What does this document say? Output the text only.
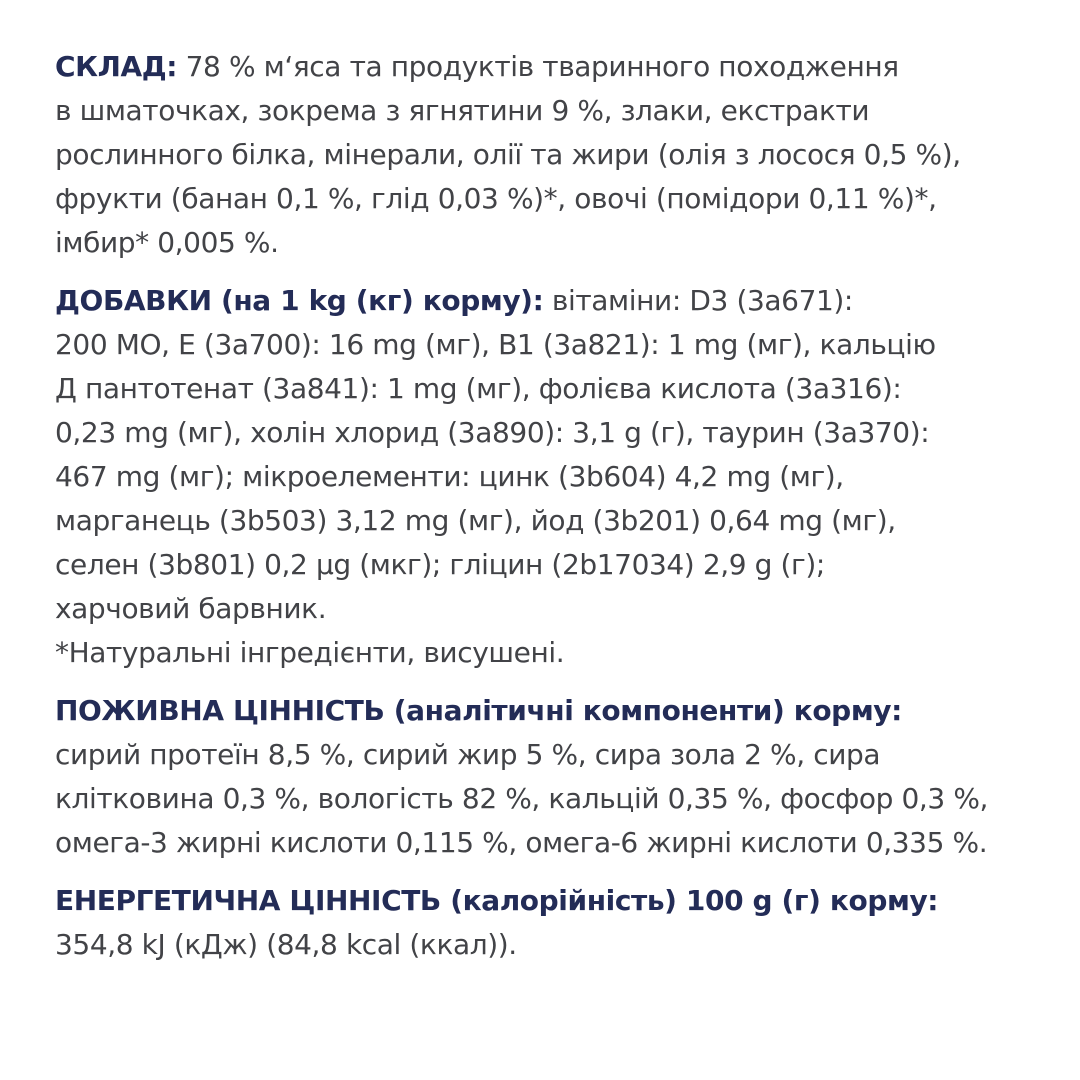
СКЛАД: 78 % м‘яса та продуктів тваринного походження
в шматочках, зокрема з ягнятини 9 %, злаки, екстракти
рослинного білка, мінерали, олії та жири (олія з лосося 0,5 %),
фрукти (банан 0,1 %, глід 0,03 %)*, овочі (помідори 0,11 %)*,
імбир* 0,005 %.
ДОБАВКИ (на 1 kg (кг) корму): вітаміни: D3 (3a671):
200 МО, Е (3a700): 16 mg (мг), B1 (3a821): 1 mg (мг), кальцію
Д пантотенат (3a841): 1 mg (мг), фолієва кислота (3a316):
0,23 mg (мг), холін хлорид (3a890): 3,1 g (г), таурин (3a370):
467 mg (мг); мікроелементи: цинк (3b604) 4,2 mg (мг),
марганець (3b503) 3,12 mg (мг), йод (3b201) 0,64 mg (мг),
селен (3b801) 0,2 µg (мкг); гліцин (2b17034) 2,9 g (г);
харчовий барвник.
*Натуральні інгредієнти, висушені.
ПОЖИВНА ЦІННІСТЬ (аналітичні компоненти) корму:
сирий протеїн 8,5 %, сирий жир 5 %, сира зола 2 %, сира
клітковина 0,3 %, вологість 82 %, кальцій 0,35 %, фосфор 0,3 %,
омега-3 жирні кислоти 0,115 %, омега-6 жирні кислоти 0,335 %.
ЕНЕРГЕТИЧНА ЦІННІСТЬ (калорійність) 100 g (г) корму:
354,8 kJ (кДж) (84,8 kcal (ккал)).
